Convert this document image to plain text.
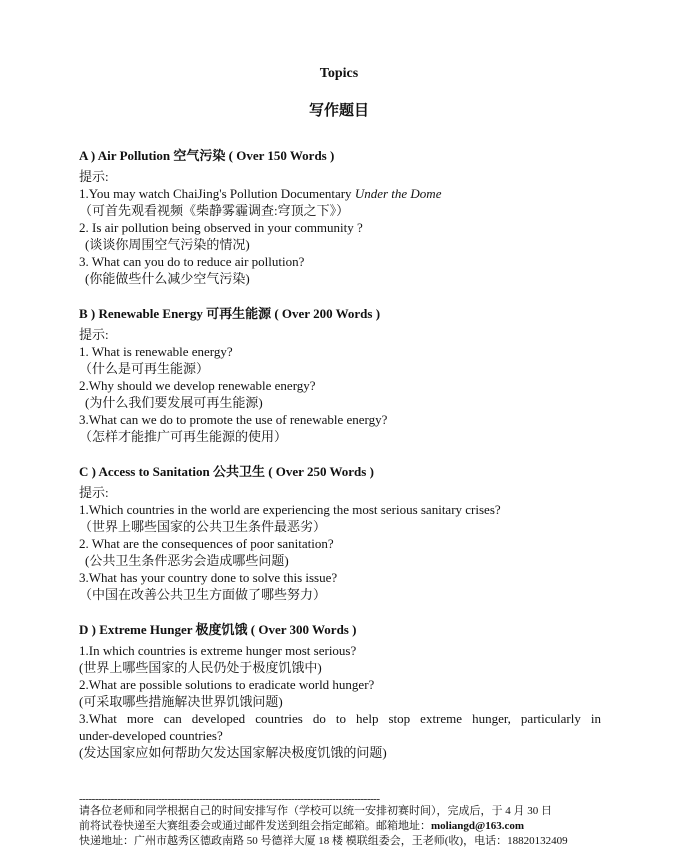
Topics
写作题目
A ) Air Pollution 空气污染 ( Over 150 Words )
提示:
1.You may watch ChaiJing's Pollution Documentary Under the Dome
（可首先观看视频《柴静雾霾调查:穹顶之下》）
2. Is air pollution being observed in your community ?
(谈谈你周围空气污染的情况)
3. What can you do to reduce air pollution?
(你能做些什么减少空气污染)
B ) Renewable Energy 可再生能源 ( Over 200 Words )
提示:
1. What is renewable energy?
（什么是可再生能源）
2.Why should we develop renewable energy?
(为什么我们要发展可再生能源)
3.What can we do to promote the use of renewable energy?
（怎样才能推广可再生能源的使用）
C ) Access to Sanitation 公共卫生 ( Over 250 Words )
提示:
1.Which countries in the world are experiencing the most serious sanitary crises?
（世界上哪些国家的公共卫生条件最恶劣）
2. What are the consequences of poor sanitation?
(公共卫生条件恶劣会造成哪些问题)
3.What has your country done to solve this issue?
（中国在改善公共卫生方面做了哪些努力）
D ) Extreme Hunger 极度饥饿 ( Over 300 Words )
1.In which countries is extreme hunger most serious?
(世界上哪些国家的人民仍处于极度饥饿中)
2.What are possible solutions to eradicate world hunger?
(可采取哪些措施解决世界饥饿问题)
3.What more can developed countries do to help stop extreme hunger, particularly in
under-developed countries?
(发达国家应如何帮助欠发达国家解决极度饥饿的问题)
-----------------------------------------------------------------------------------------------
请各位老师和同学根据自己的时间安排写作（学校可以统一安排初赛时间），完成后，于 4 月 30 日
前将试卷快递至大赛组委会或通过邮件发送到组会指定邮箱。邮箱地址：moliangd@163.com
快递地址：广州市越秀区德政南路 50 号德祥大厦 18 楼 模联组委会，王老师(收)，电话：18820132409
